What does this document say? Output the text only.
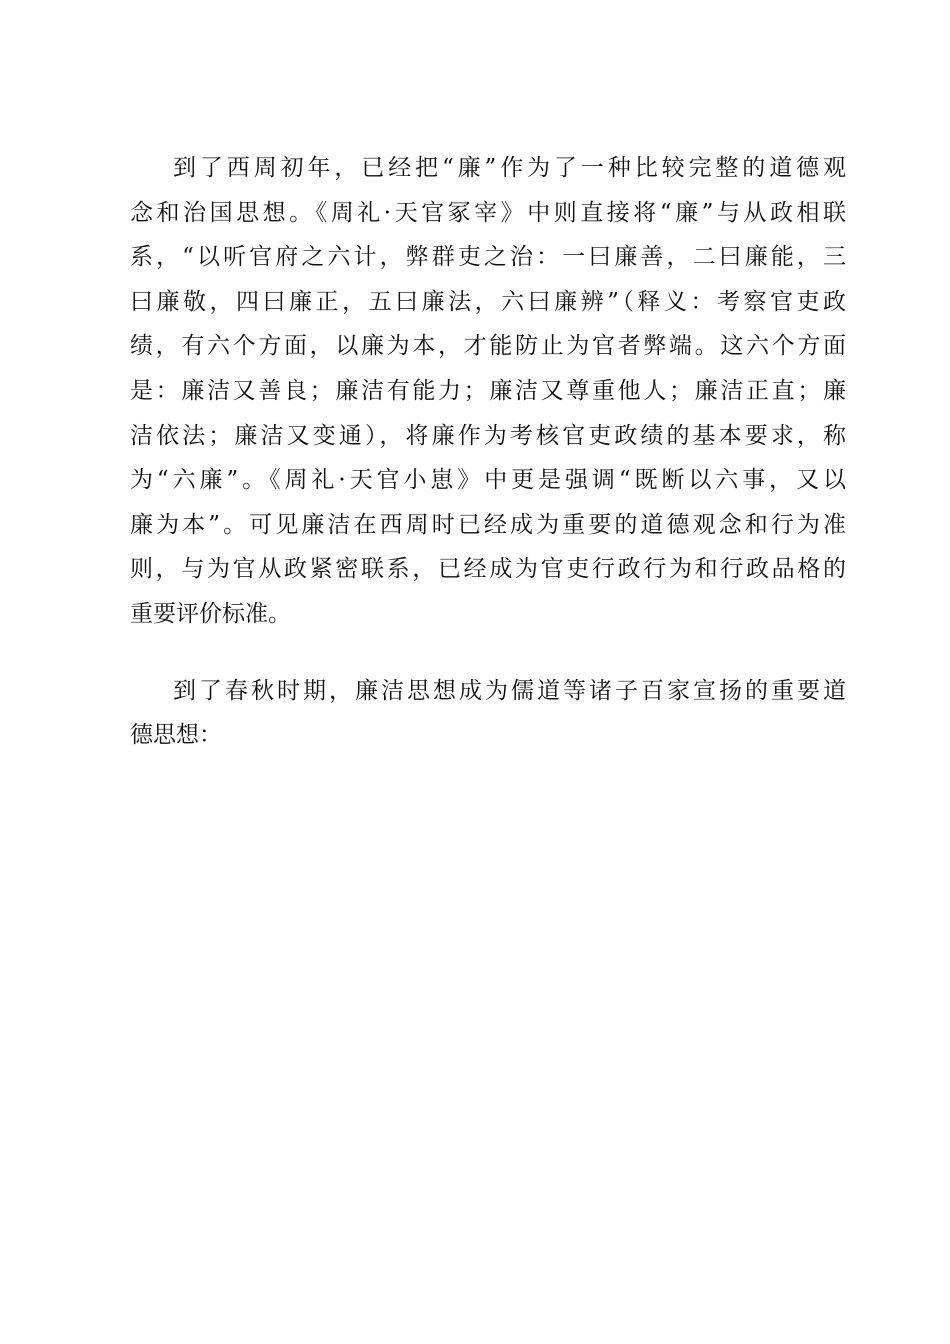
到了西周初年，已经把“廉”作为了一种比较完整的道德观
念和治国思想。《周礼·天官冢宰》中则直接将“廉”与从政相联
系，“以听官府之六计，弊群吏之治：一曰廉善，二曰廉能，三
曰廉敬，四曰廉正，五曰廉法，六曰廉辨”（释义：考察官吏政
绩，有六个方面，以廉为本，才能防止为官者弊端。这六个方面
是：廉洁又善良；廉洁有能力；廉洁又尊重他人；廉洁正直；廉
洁依法；廉洁又变通），将廉作为考核官吏政绩的基本要求，称
为“六廉”。《周礼·天官小崽》中更是强调“既断以六事，又以
廉为本”。可见廉洁在西周时已经成为重要的道德观念和行为准
则，与为官从政紧密联系，已经成为官吏行政行为和行政品格的
重要评价标准。

到了春秋时期，廉洁思想成为儒道等诸子百家宣扬的重要道
德思想：
